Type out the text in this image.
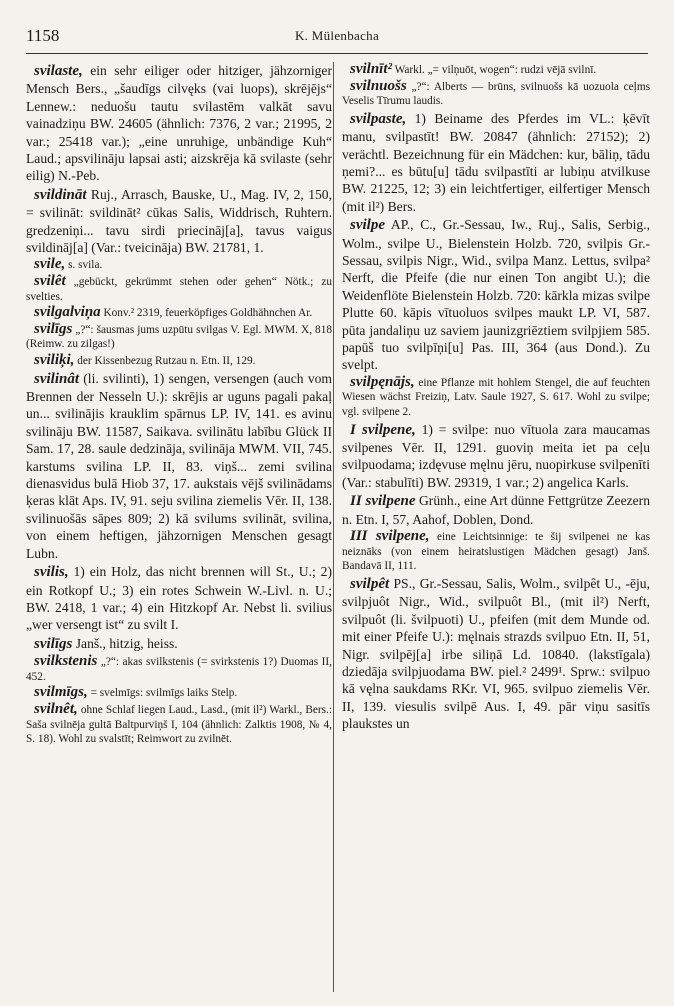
1158	K. Mülenbacha
svilaste, ein sehr eiliger oder hitziger, jähzorniger Mensch Bers., „šaudīgs cilvęks (vai luops), skrējējs“ Lennew.: neduošu tautu svilastēm valkāt savu vainadziņu BW. 24605 (ähnlich: 7376, 2 var.; 21995, 2 var.; 25418 var.); „eine unruhige, unbändige Kuh“ Laud.; apsvilināju lapsai asti; aizskrēja kā svilaste (sehr eilig) N.-Peb.
svildināt Ruj., Arrasch, Bauske, U., Mag. IV, 2, 150, = svilināt: svildināt² cūkas Salis, Widdrisch, Ruhtern. gredzeniņi... tavu sirdi priecināj[a], tavus vaigus svildināj[a] (Var.: tveicināja) BW. 21781, 1.
svile, s. svila.
svilêt „gebückt, gekrümmt stehen oder gehen“ Nötk.; zu svelties.
svilgalviņa Konv.² 2319, feuerköpfiges Goldhähnchen Ar.
svilīgs „?“: šausmas jums uzpūtu svilgas V. Egl. MWM. X, 818 (Reimw. zu zilgas!)
sviliķi, der Kissenbezug Rutzau n. Etn. II, 129.
svilinât (li. svilinti), 1) sengen, versengen (auch vom Brennen der Nesseln U.): skrējis ar uguns pagali pakaļ un... svilinājis krauklim spārnus LP. IV, 141. es avinu svilināju BW. 11587, Saikava. svilinātu labību Glück II Sam. 17, 28. saule dedzināja, svilināja MWM. VII, 745. karstums svilina LP. II, 83. viņš... zemi svilina dienasvidus bulā Hiob 37, 17. aukstais vējš svilinādams ķeras klāt Aps. IV, 91. seju svilina ziemelis Vēr. II, 138. svilinuošās sāpes 809; 2) kā svilums svilināt, svilina, von einem heftigen, jähzornigen Menschen gesagt Lubn.
svilis, 1) ein Holz, das nicht brennen will St., U.; 2) ein Rotkopf U.; 3) ein rotes Schwein W.-Livl. n. U.; BW. 2418, 1 var.; 4) ein Hitzkopf Ar. Nebst li. svilius „wer versengt ist“ zu svilt I.
svilīgs Janš., hitzig, heiss.
svilkstenis „?“: akas svilkstenis (= svirkstenis 1?) Duomas II, 452.
svilmīgs, = svelmīgs: svilmīgs laiks Stelp.
svilnêt, ohne Schlaf liegen Laud., Lasd., (mit il²) Warkl., Bers.: Saša svilnēja gultā Baltpurviņš I, 104 (ähnlich: Zalktis 1908, № 4, S. 18). Wohl zu svalstīt; Reimwort zu zvilnēt.
svilnīt² Warkl. „= vilņuōt, wogen“: rudzi vējā svilnī.
svilnuošs „?“: Alberts — brūns, svilnuošs kā uozuola ceļms Veselis Tīrumu laudis.
svilpaste, 1) Beiname des Pferdes im VL.: ķēvīt manu, svilpastīt! BW. 20847 (ähnlich: 27152); 2) verächtl. Bezeichnung für ein Mädchen: kur, bāliņ, tādu ņemi?... es būtu[u] tādu svilpastīti ar lubiņu atvilkuse BW. 21225, 12; 3) ein leichtfertiger, eilfertiger Mensch (mit il²) Bers.
svilpe AP., C., Gr.-Sessau, Iw., Ruj., Salis, Serbig., Wolm., svilpe U., Bielenstein Holzb. 720, svilpis Gr.-Sessau, svilpis Nigr., Wid., svilpa Manz. Lettus, svilpa² Nerft, die Pfeife (die nur einen Ton angibt U.); die Weidenflöte Bielenstein Holzb. 720: kārkla mizas svilpe Plutte 60. kāpis vītuoluos svilpes maukt LP. VI, 587. pūta jandaliņu uz saviem jaunizgriēztiem svilpjiem 585. papūš tuo svilpīņi[u] Pas. III, 364 (aus Dond.). Zu svelpt.
svilpęnājs, eine Pflanze mit hohlem Stengel, die auf feuchten Wiesen wächst Freiziņ, Latv. Saule 1927, S. 617. Wohl zu svilpe; vgl. svilpene 2.
I svilpene, 1) = svilpe: nuo vītuola zara maucamas svilpenes Vēr. II, 1291. guoviņ meita iet pa ceļu svilpuodama; izdęvuse męlnu jēru, nuopirkuse svilpenīti (Var.: stabulīti) BW. 29319, 1 var.; 2) angelica Karls.
II svilpene Grünh., eine Art dünne Fettgrütze Zeezern n. Etn. I, 57, Aahof, Doblen, Dond.
III svilpene, eine Leichtsinnige: te šij svilpenei ne kas neiznāks (von einem heiratslustigen Mädchen gesagt) Janš. Bandavā II, 111.
svilpêt PS., Gr.-Sessau, Salis, Wolm., svilpêt U., -ēju, svilpjuôt Nigr., Wid., svilpuôt Bl., (mit il²) Nerft, svilpuôt (li. švilpuoti) U., pfeifen (mit dem Munde od. mit einer Pfeife U.): męlnais strazds svilpuo Etn. II, 51, Nigr. svilpēj[a] irbe siliņā Ld. 10840. (lakstīgala) dziedāja svilpjuodama BW. piel.² 2499¹. Sprw.: svilpuo kā vęlna saukdams RKr. VI, 965. svilpuo ziemelis Vēr. II, 139. viesulis svilpē Aus. I, 49. pār viņu sasitīs plaukstes un
